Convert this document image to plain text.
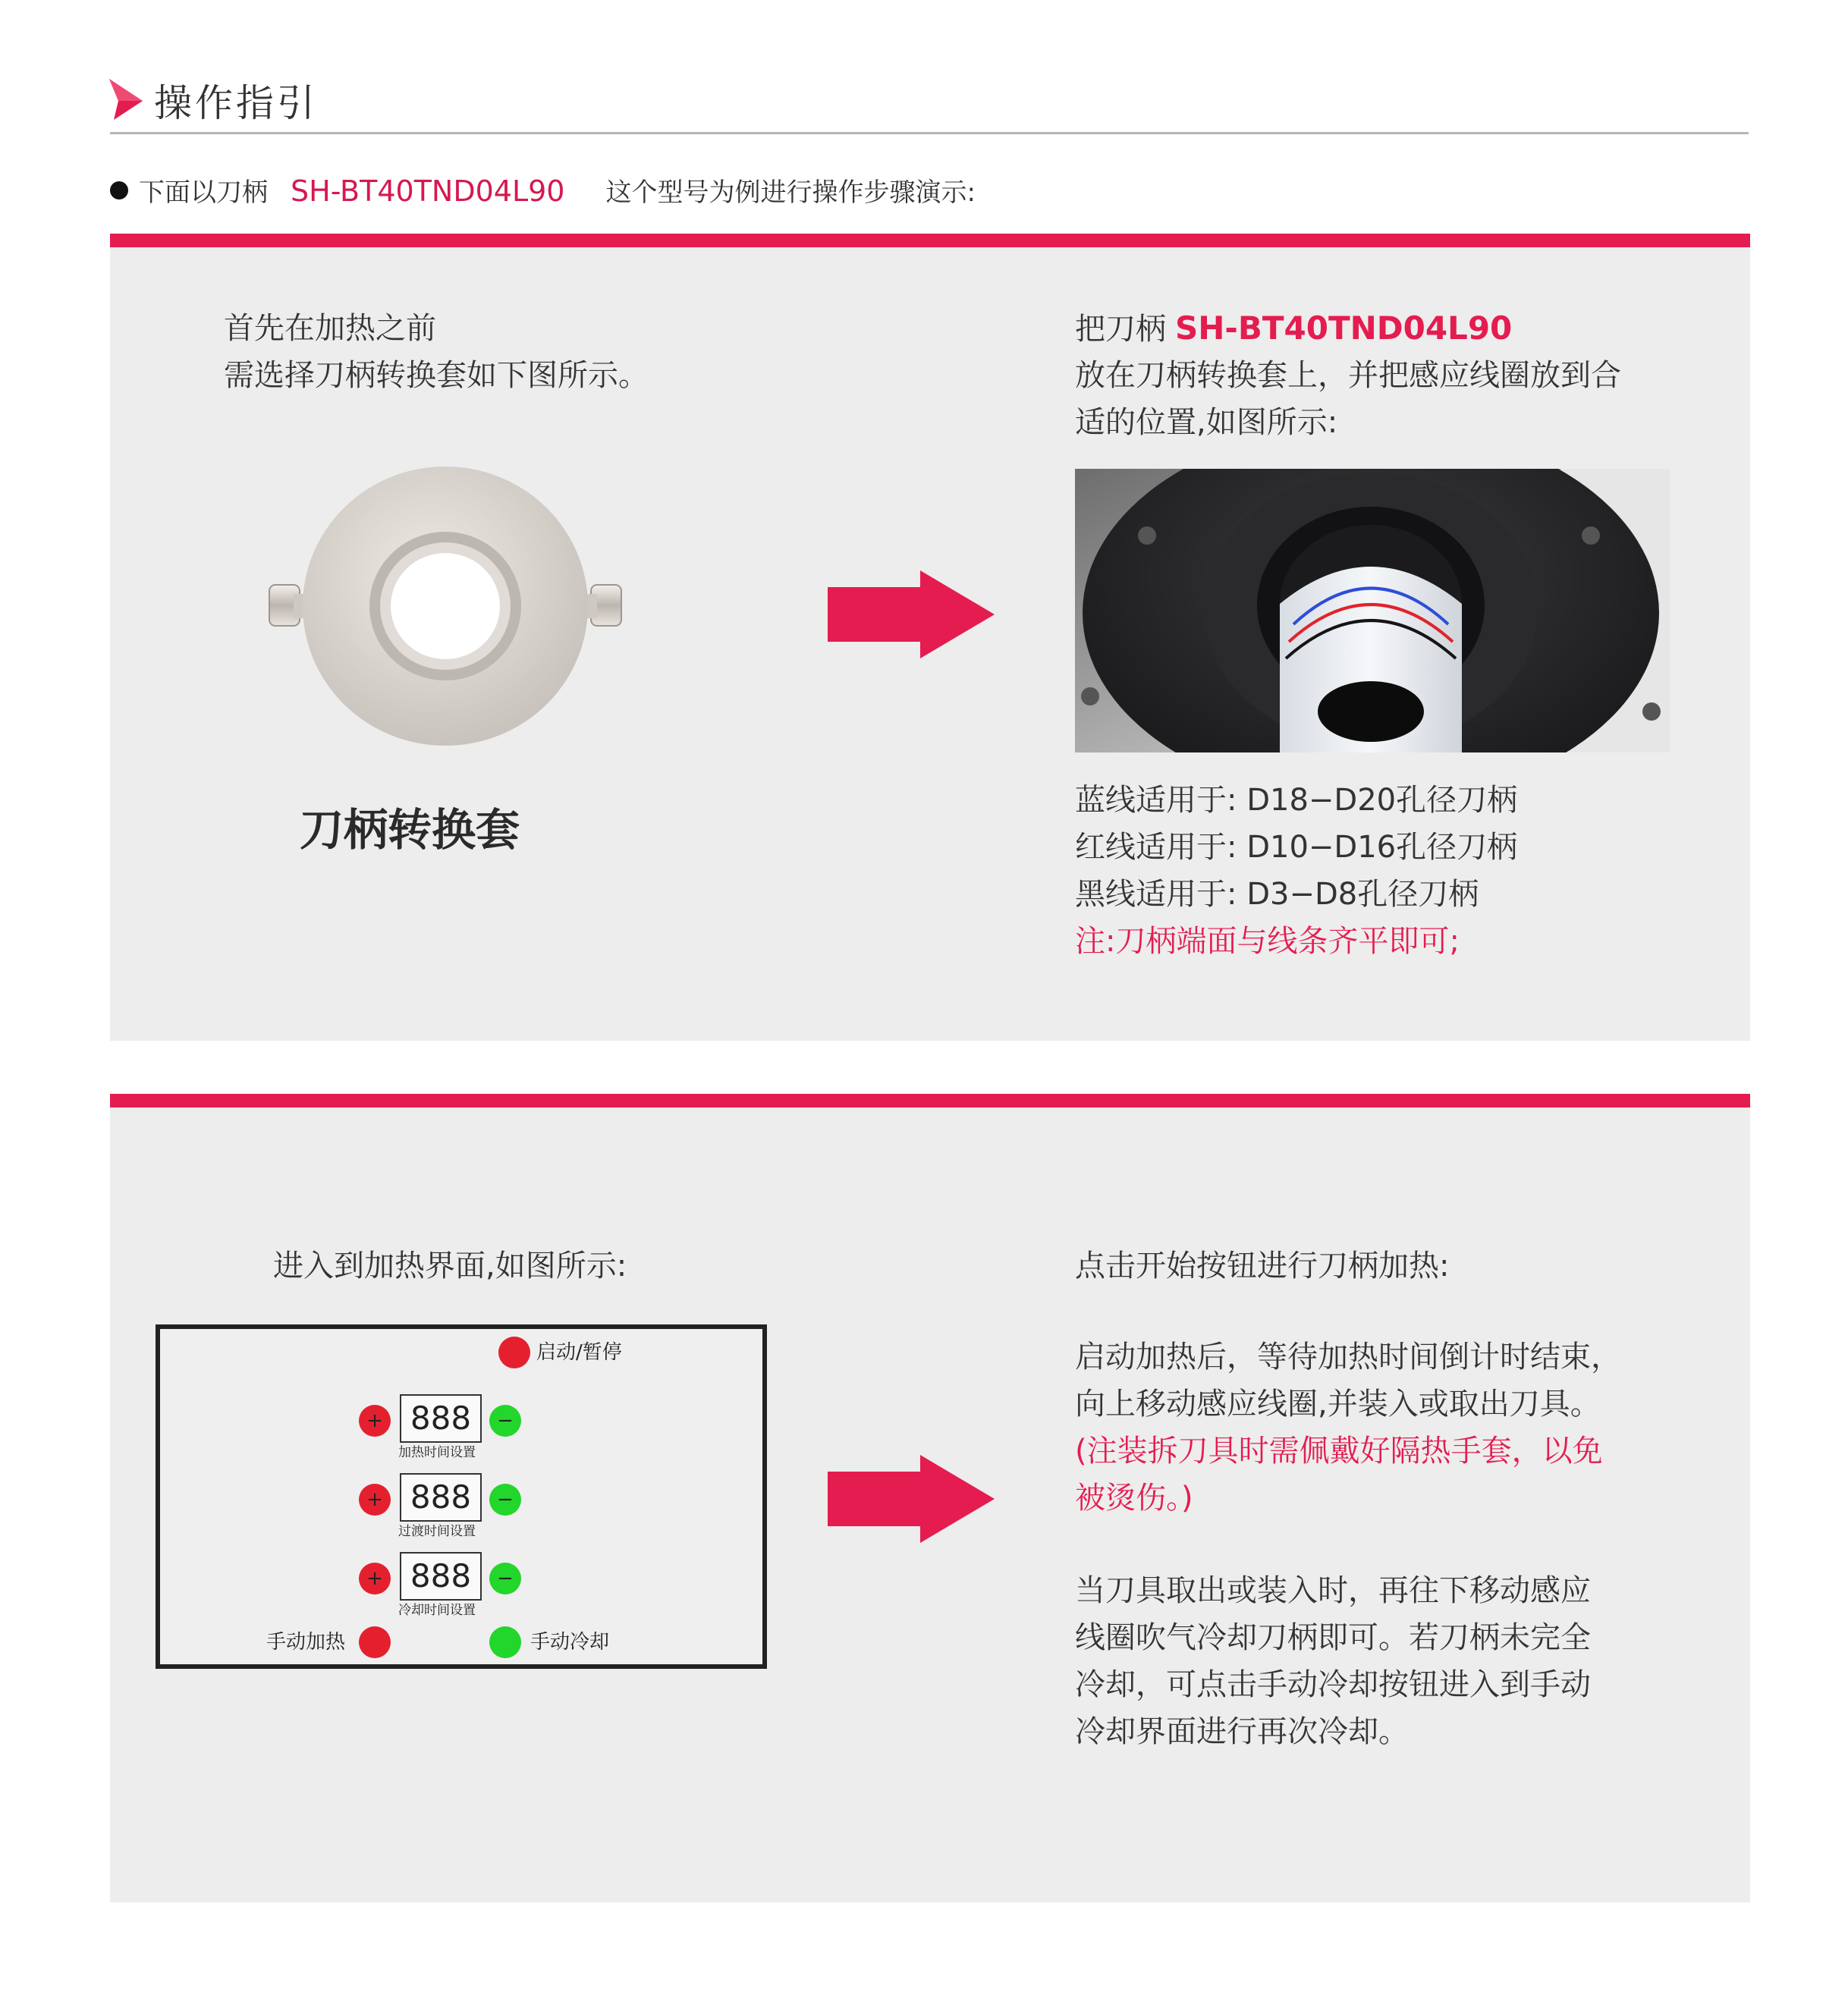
操作指引
下面以刀柄 SH-BT40TND04L90 这个型号为例进行操作步骤演示:
首先在加热之前
需选择刀柄转换套如下图所示。
刀柄转换套
把刀柄 SH-BT40TND04L90
放在刀柄转换套上，并把感应线圈放到合
适的位置,如图所示:
蓝线适用于: D18−D20孔径刀柄
红线适用于: D10−D16孔径刀柄
黑线适用于: D3−D8孔径刀柄
注:刀柄端面与线条齐平即可;
进入到加热界面,如图所示:
启动/暂停
+ 888	−
加热时间设置
+ 888	−
过渡时间设置
+ 888	−
冷却时间设置
手动加热	手动冷却
点击开始按钮进行刀柄加热:
启动加热后，等待加热时间倒计时结束，
向上移动感应线圈,并装入或取出刀具。
(注装拆刀具时需佩戴好隔热手套，以免
被烫伤。)
当刀具取出或装入时，再往下移动感应
线圈吹气冷却刀柄即可。若刀柄未完全
冷却，可点击手动冷却按钮进入到手动
冷却界面进行再次冷却。
